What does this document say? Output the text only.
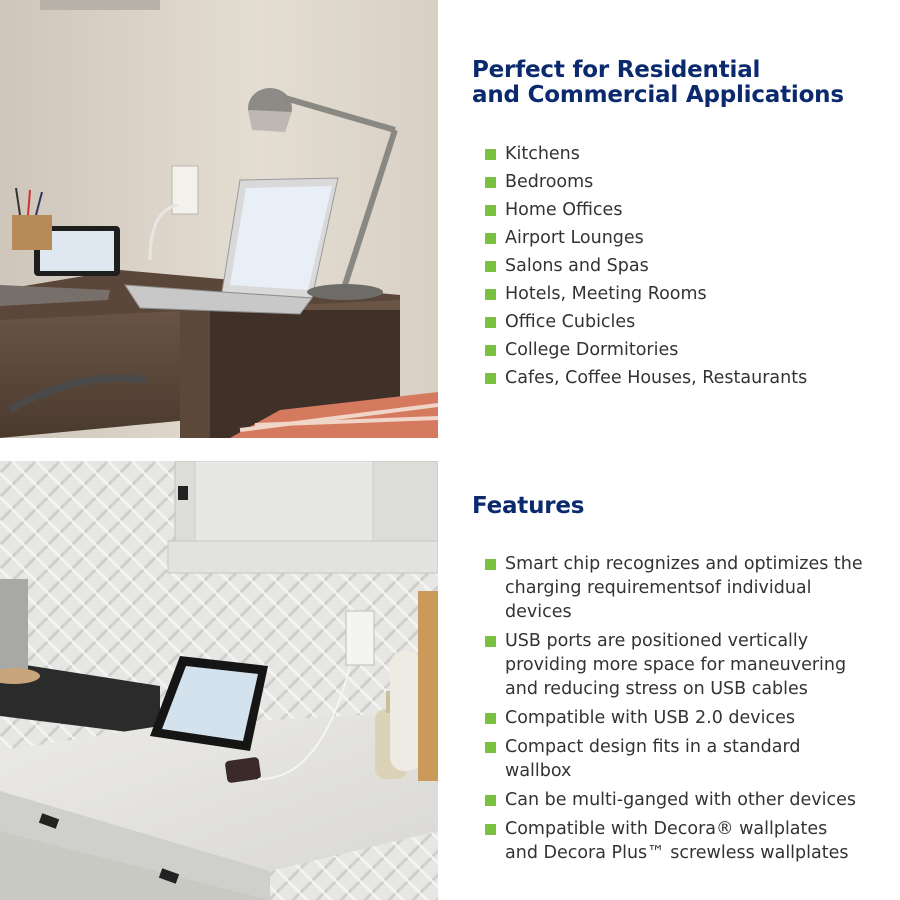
Perfect for Residential
and Commercial Applications
Kitchens
Bedrooms
Home Offices
Airport Lounges
Salons and Spas
Hotels, Meeting Rooms
Office Cubicles
College Dormitories
Cafes, Coffee Houses, Restaurants
Features
Smart chip recognizes and optimizes the charging requirementsof individual devices
USB ports are positioned vertically providing more space for maneuvering and reducing stress on USB cables
Compatible with USB 2.0 devices
Compact design fits in a standard wallbox
Can be multi-ganged with other devices
Compatible with Decora® wallplates and Decora Plus™ screwless wallplates
